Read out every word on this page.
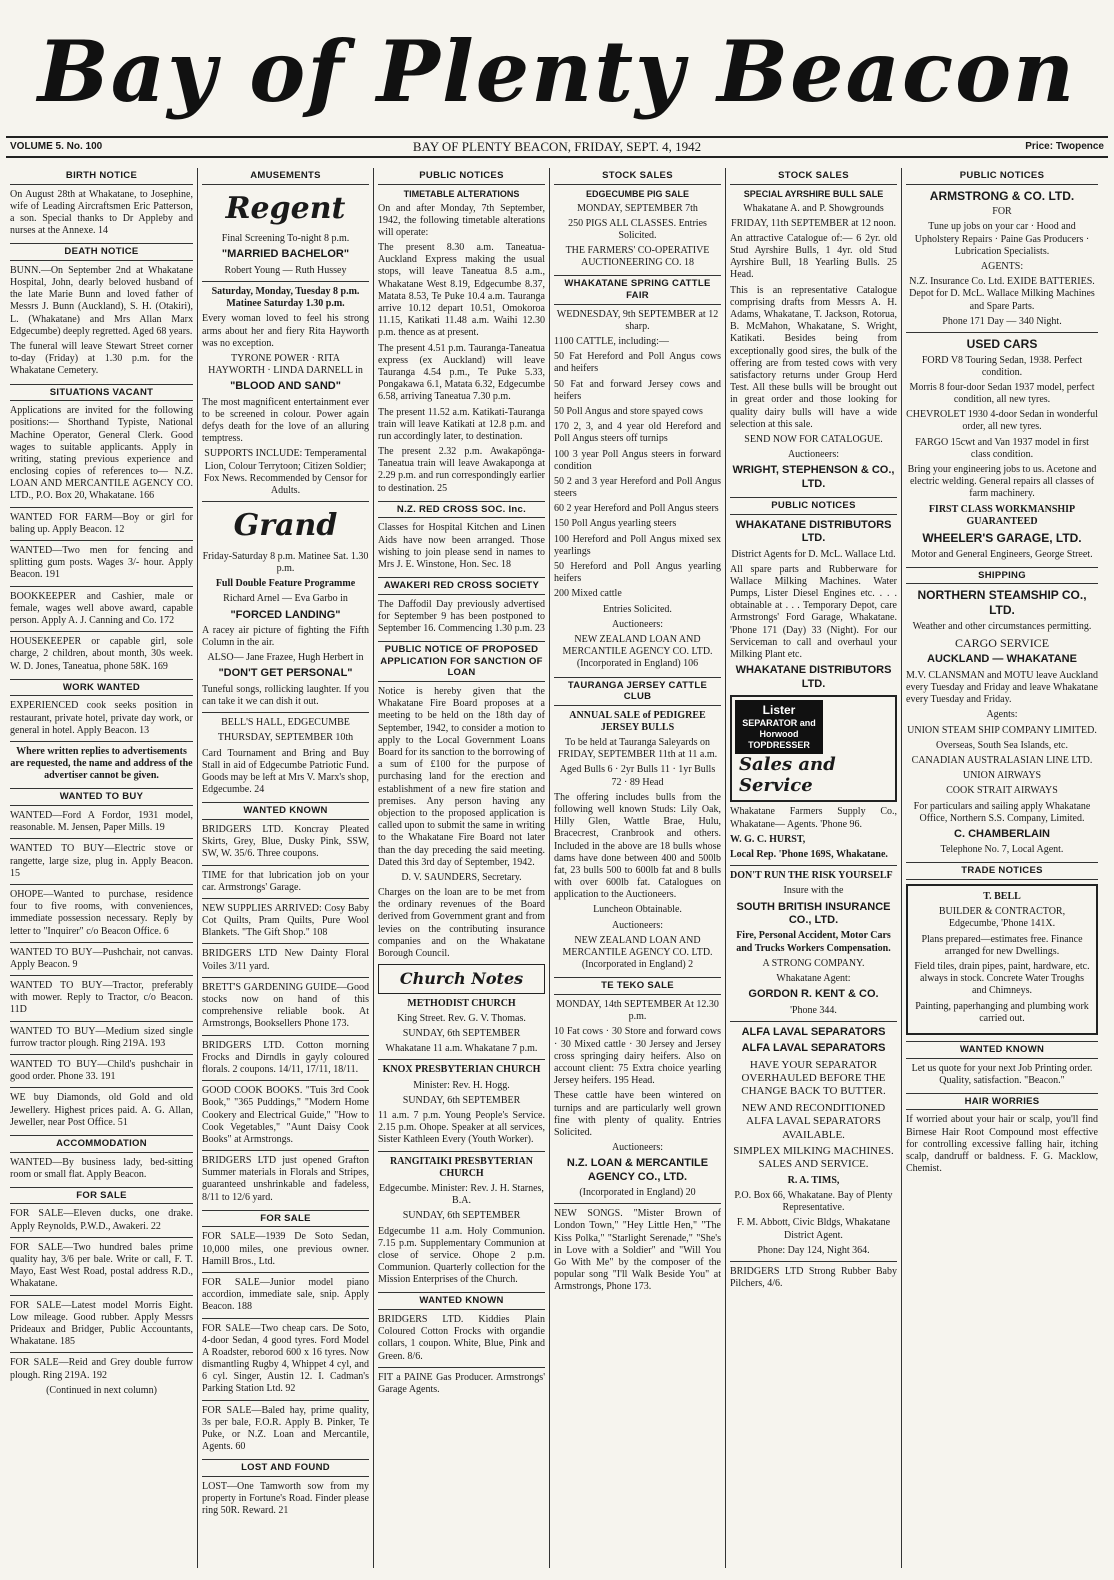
Bay of Plenty Beacon
VOLUME 5. No. 100	BAY OF PLENTY BEACON, FRIDAY, SEPT. 4, 1942	Price: Twopence
BIRTH NOTICE

On August 28th at Whakatane, to Josephine, wife of Leading Aircraftsmen Eric Patterson, a son. Special thanks to Dr Appleby and nurses at the Annexe. 14

DEATH NOTICE

BUNN.—On September 2nd at Whakatane Hospital, John, dearly beloved husband of the late Marie Bunn and loved father of Messrs J. Bunn (Auckland), S. H. (Otakiri), L. (Whakatane) and Mrs Allan Marx Edgecumbe) deeply regretted. Aged 68 years.

The funeral will leave Stewart Street corner to-day (Friday) at 1.30 p.m. for the Whakatane Cemetery.

SITUATIONS VACANT

Applications are invited for the following positions:— Shorthand Typiste, National Machine Operator, General Clerk. Good wages to suitable applicants. Apply in writing, stating previous experience and enclosing copies of references to— N.Z. LOAN AND MERCANTILE AGENCY CO. LTD., P.O. Box 20, Whakatane. 166

WANTED FOR FARM—Boy or girl for baling up. Apply Beacon. 12

WANTED—Two men for fencing and splitting gum posts. Wages 3/- hour. Apply Beacon. 191

BOOKKEEPER and Cashier, male or female, wages well above award, capable person. Apply A. J. Canning and Co. 172

HOUSEKEEPER or capable girl, sole charge, 2 children, about month, 30s week. W. D. Jones, Taneatua, phone 58K. 169

WORK WANTED

EXPERIENCED cook seeks position in restaurant, private hotel, private day work, or general in hotel. Apply Beacon. 13

Where written replies to advertisements are requested, the name and address of the advertiser cannot be given.

WANTED TO BUY

WANTED—Ford A Fordor, 1931 model, reasonable. M. Jensen, Paper Mills. 19

WANTED TO BUY—Electric stove or rangette, large size, plug in. Apply Beacon. 15

OHOPE—Wanted to purchase, residence four to five rooms, with conveniences, immediate possession necessary. Reply by letter to "Inquirer" c/o Beacon Office. 6

WANTED TO BUY—Pushchair, not canvas. Apply Beacon. 9

WANTED TO BUY—Tractor, preferably with mower. Reply to Tractor, c/o Beacon. 11D

WANTED TO BUY—Medium sized single furrow tractor plough. Ring 219A. 193

WANTED TO BUY—Child's pushchair in good order. Phone 33. 191

WE buy Diamonds, old Gold and old Jewellery. Highest prices paid. A. G. Allan, Jeweller, near Post Office. 51

ACCOMMODATION

WANTED—By business lady, bed-sitting room or small flat. Apply Beacon.

FOR SALE

FOR SALE—Eleven ducks, one drake. Apply Reynolds, P.W.D., Awakeri. 22

FOR SALE—Two hundred bales prime quality hay, 3/6 per bale. Write or call, F. T. Mayo, East West Road, postal address R.D., Whakatane.

FOR SALE—Latest model Morris Eight. Low mileage. Good rubber. Apply Messrs Prideaux and Bridger, Public Accountants, Whakatane. 185

FOR SALE—Reid and Grey double furrow plough. Ring 219A. 192

(Continued in next column)

AMUSEMENTS
Regent

Final Screening To-night 8 p.m.

"MARRIED BACHELOR"

Robert Young — Ruth Hussey

Saturday, Monday, Tuesday 8 p.m. Matinee Saturday 1.30 p.m.

Every woman loved to feel his strong arms about her and fiery Rita Hayworth was no exception.

TYRONE POWER · RITA HAYWORTH · LINDA DARNELL in

"BLOOD AND SAND"

The most magnificent entertainment ever to be screened in colour. Power again defys death for the love of an alluring temptress.

SUPPORTS INCLUDE: Temperamental Lion, Colour Terrytoon; Citizen Soldier; Fox News. Recommended by Censor for Adults.

Grand

Friday-Saturday 8 p.m. Matinee Sat. 1.30 p.m.

Full Double Feature Programme

Richard Arnel — Eva Garbo in

"FORCED LANDING"

A racey air picture of fighting the Fifth Column in the air.

ALSO— Jane Frazee, Hugh Herbert in

"DON'T GET PERSONAL"

Tuneful songs, rollicking laughter. If you can take it we can dish it out.

BELL'S HALL, EDGECUMBE

THURSDAY, SEPTEMBER 10th

Card Tournament and Bring and Buy Stall in aid of Edgecumbe Patriotic Fund. Goods may be left at Mrs V. Marx's shop, Edgecumbe. 24

WANTED KNOWN

BRIDGERS LTD. Koncray Pleated Skirts, Grey, Blue, Dusky Pink, SSW, SW, W. 35/6. Three coupons.

TIME for that lubrication job on your car. Armstrongs' Garage.

NEW SUPPLIES ARRIVED: Cosy Baby Cot Quilts, Pram Quilts, Pure Wool Blankets. "The Gift Shop." 108

BRIDGERS LTD New Dainty Floral Voiles 3/11 yard.

BRETT'S GARDENING GUIDE—Good stocks now on hand of this comprehensive reliable book. At Armstrongs, Booksellers Phone 173.

BRIDGERS LTD. Cotton morning Frocks and Dirndls in gayly coloured florals. 2 coupons. 14/11, 17/11, 18/11.

GOOD COOK BOOKS. "Tuis 3rd Cook Book," "365 Puddings," "Modern Home Cookery and Electrical Guide," "How to Cook Vegetables," "Aunt Daisy Cook Books" at Armstrongs.

BRIDGERS LTD just opened Grafton Summer materials in Florals and Stripes, guaranteed unshrinkable and fadeless, 8/11 to 12/6 yard.

FOR SALE

FOR SALE—1939 De Soto Sedan, 10,000 miles, one previous owner. Hamill Bros., Ltd.

FOR SALE—Junior model piano accordion, immediate sale, snip. Apply Beacon. 188

FOR SALE—Two cheap cars. De Soto, 4-door Sedan, 4 good tyres. Ford Model A Roadster, reborod 600 x 16 tyres. Now dismantling Rugby 4, Whippet 4 cyl, and 6 cyl. Singer, Austin 12. I. Cadman's Parking Station Ltd. 92

FOR SALE—Baled hay, prime quality, 3s per bale, F.O.R. Apply B. Pinker, Te Puke, or N.Z. Loan and Mercantile, Agents. 60

LOST AND FOUND

LOST—One Tamworth sow from my property in Fortune's Road. Finder please ring 50R. Reward. 21

PUBLIC NOTICES
TIMETABLE ALTERATIONS

On and after Monday, 7th September, 1942, the following timetable alterations will operate:

The present 8.30 a.m. Taneatua-Auckland Express making the usual stops, will leave Taneatua 8.5 a.m., Whakatane West 8.19, Edgecumbe 8.37, Matata 8.53, Te Puke 10.4 a.m. Tauranga arrive 10.12 depart 10.51, Omokoroa 11.15, Katikati 11.48 a.m. Waihi 12.30 p.m. thence as at present.

The present 4.51 p.m. Tauranga-Taneatua express (ex Auckland) will leave Tauranga 4.54 p.m., Te Puke 5.33, Pongakawa 6.1, Matata 6.32, Edgecumbe 6.58, arriving Taneatua 7.30 p.m.

The present 11.52 a.m. Katikati-Tauranga train will leave Katikati at 12.8 p.m. and run accordingly later, to destination.

The present 2.32 p.m. Awakapönga-Taneatua train will leave Awakaponga at 2.29 p.m. and run correspondingly earlier to destination. 25

N.Z. RED CROSS SOC. Inc.

Classes for Hospital Kitchen and Linen Aids have now been arranged. Those wishing to join please send in names to Mrs J. E. Winstone, Hon. Sec. 18

AWAKERI RED CROSS SOCIETY

The Daffodil Day previously advertised for September 9 has been postponed to September 16. Commencing 1.30 p.m. 23

PUBLIC NOTICE OF PROPOSED APPLICATION FOR SANCTION OF LOAN

Notice is hereby given that the Whakatane Fire Board proposes at a meeting to be held on the 18th day of September, 1942, to consider a motion to apply to the Local Government Loans Board for its sanction to the borrowing of a sum of £100 for the purpose of purchasing land for the erection and establishment of a new fire station and premises. Any person having any objection to the proposed application is called upon to submit the same in writing to the Whakatane Fire Board not later than the day preceding the said meeting. Dated this 3rd day of September, 1942.

D. V. SAUNDERS, Secretary.

Charges on the loan are to be met from the ordinary revenues of the Board derived from Government grant and from levies on the contributing insurance companies and on the Whakatane Borough Council.

Church Notes

METHODIST CHURCH

King Street. Rev. G. V. Thomas.

SUNDAY, 6th SEPTEMBER

Whakatane 11 a.m. Whakatane 7 p.m.

KNOX PRESBYTERIAN CHURCH

Minister: Rev. H. Hogg.

SUNDAY, 6th SEPTEMBER

11 a.m. 7 p.m. Young People's Service. 2.15 p.m. Ohope. Speaker at all services, Sister Kathleen Every (Youth Worker).

RANGITAIKI PRESBYTERIAN CHURCH

Edgecumbe. Minister: Rev. J. H. Starnes, B.A.

SUNDAY, 6th SEPTEMBER

Edgecumbe 11 a.m. Holy Communion. 7.15 p.m. Supplementary Communion at close of service. Ohope 2 p.m. Communion. Quarterly collection for the Mission Enterprises of the Church.

WANTED KNOWN

BRIDGERS LTD. Kiddies Plain Coloured Cotton Frocks with organdie collars, 1 coupon. White, Blue, Pink and Green. 8/6.

FIT a PAINE Gas Producer. Armstrongs' Garage Agents.

STOCK SALES
EDGECUMBE PIG SALE

MONDAY, SEPTEMBER 7th

250 PIGS ALL CLASSES. Entries Solicited.

THE FARMERS' CO-OPERATIVE AUCTIONEERING CO. 18

WHAKATANE SPRING CATTLE FAIR

WEDNESDAY, 9th SEPTEMBER at 12 sharp.

1100 CATTLE, including:—

50 Fat Hereford and Poll Angus cows and heifers

50 Fat and forward Jersey cows and heifers

50 Poll Angus and store spayed cows

170 2, 3, and 4 year old Hereford and Poll Angus steers off turnips

100 3 year Poll Angus steers in forward condition

50 2 and 3 year Hereford and Poll Angus steers

60 2 year Hereford and Poll Angus steers

150 Poll Angus yearling steers

100 Hereford and Poll Angus mixed sex yearlings

50 Hereford and Poll Angus yearling heifers

200 Mixed cattle

Entries Solicited.

Auctioneers:

NEW ZEALAND LOAN AND MERCANTILE AGENCY CO. LTD. (Incorporated in England) 106

TAURANGA JERSEY CATTLE CLUB

ANNUAL SALE of PEDIGREE JERSEY BULLS

To be held at Tauranga Saleyards on FRIDAY, SEPTEMBER 11th at 11 a.m.

Aged Bulls 6 · 2yr Bulls 11 · 1yr Bulls 72 · 89 Head

The offering includes bulls from the following well known Studs: Lily Oak, Hilly Glen, Wattle Brae, Hulu, Bracecrest, Cranbrook and others. Included in the above are 18 bulls whose dams have done between 400 and 500lb fat, 23 bulls 500 to 600lb fat and 8 bulls with over 600lb fat. Catalogues on application to the Auctioneers.

Luncheon Obtainable.

Auctioneers:

NEW ZEALAND LOAN AND MERCANTILE AGENCY CO. LTD. (Incorporated in England) 2

TE TEKO SALE

MONDAY, 14th SEPTEMBER At 12.30 p.m.

10 Fat cows · 30 Store and forward cows · 30 Mixed cattle · 30 Jersey and Jersey cross springing dairy heifers. Also on account client: 75 Extra choice yearling Jersey heifers. 195 Head.

These cattle have been wintered on turnips and are particularly well grown fine with plenty of quality. Entries Solicited.

Auctioneers:

N.Z. LOAN & MERCANTILE AGENCY CO., LTD.

(Incorporated in England) 20

NEW SONGS. "Mister Brown of London Town," "Hey Little Hen," "The Kiss Polka," "Starlight Serenade," "She's in Love with a Soldier" and "Will You Go With Me" by the composer of the popular song "I'll Walk Beside You" at Armstrongs, Phone 173.

STOCK SALES
SPECIAL AYRSHIRE BULL SALE

Whakatane A. and P. Showgrounds

FRIDAY, 11th SEPTEMBER at 12 noon.

An attractive Catalogue of:— 6 2yr. old Stud Ayrshire Bulls, 1 4yr. old Stud Ayrshire Bull, 18 Yearling Bulls. 25 Head.

This is an representative Catalogue comprising drafts from Messrs A. H. Adams, Whakatane, T. Jackson, Rotorua, B. McMahon, Whakatane, S. Wright, Katikati. Besides being from exceptionally good sires, the bulk of the offering are from tested cows with very satisfactory returns under Group Herd Test. All these bulls will be brought out in great order and those looking for quality dairy bulls will have a wide selection at this sale.

SEND NOW FOR CATALOGUE.

Auctioneers:

WRIGHT, STEPHENSON & CO., LTD.
PUBLIC NOTICES
WHAKATANE DISTRIBUTORS LTD.

District Agents for D. McL. Wallace Ltd.

All spare parts and Rubberware for Wallace Milking Machines. Water Pumps, Lister Diesel Engines etc. . . . obtainable at . . . Temporary Depot, care Armstrongs' Ford Garage, Whakatane. 'Phone 171 (Day) 33 (Night). For our Serviceman to call and overhaul your Milking Plant etc.

WHAKATANE DISTRIBUTORS LTD.
Lister
SEPARATOR and Horwood TOPDRESSER
Sales and Service

Whakatane Farmers Supply Co., Whakatane— Agents. 'Phone 96.

W. G. C. HURST,

Local Rep. 'Phone 169S, Whakatane.

DON'T RUN THE RISK YOURSELF

Insure with the

SOUTH BRITISH INSURANCE CO., LTD.

Fire, Personal Accident, Motor Cars and Trucks Workers Compensation.

A STRONG COMPANY.

Whakatane Agent:

GORDON R. KENT & CO.

'Phone 344.

ALFA LAVAL SEPARATORS
ALFA LAVAL SEPARATORS

HAVE YOUR SEPARATOR OVERHAULED BEFORE THE CHANGE BACK TO BUTTER.

NEW AND RECONDITIONED ALFA LAVAL SEPARATORS AVAILABLE.

SIMPLEX MILKING MACHINES. SALES AND SERVICE.

R. A. TIMS,

P.O. Box 66, Whakatane. Bay of Plenty Representative.

F. M. Abbott, Civic Bldgs, Whakatane District Agent.

Phone: Day 124, Night 364.

BRIDGERS LTD Strong Rubber Baby Pilchers, 4/6.

PUBLIC NOTICES
ARMSTRONG & CO. LTD.

FOR

Tune up jobs on your car · Hood and Upholstery Repairs · Paine Gas Producers · Lubrication Specialists.

AGENTS:

N.Z. Insurance Co. Ltd. EXIDE BATTERIES. Depot for D. McL. Wallace Milking Machines and Spare Parts.

Phone 171 Day — 340 Night.

USED CARS

FORD V8 Touring Sedan, 1938. Perfect condition.

Morris 8 four-door Sedan 1937 model, perfect condition, all new tyres.

CHEVROLET 1930 4-door Sedan in wonderful order, all new tyres.

FARGO 15cwt and Van 1937 model in first class condition.

Bring your engineering jobs to us. Acetone and electric welding. General repairs all classes of farm machinery.

FIRST CLASS WORKMANSHIP GUARANTEED

WHEELER'S GARAGE, LTD.

Motor and General Engineers, George Street.

SHIPPING
NORTHERN STEAMSHIP CO., LTD.

Weather and other circumstances permitting.

CARGO SERVICE

AUCKLAND — WHAKATANE

M.V. CLANSMAN and MOTU leave Auckland every Tuesday and Friday and leave Whakatane every Tuesday and Friday.

Agents:

UNION STEAM SHIP COMPANY LIMITED.

Overseas, South Sea Islands, etc.

CANADIAN AUSTRALASIAN LINE LTD.

UNION AIRWAYS

COOK STRAIT AIRWAYS

For particulars and sailing apply Whakatane Office, Northern S.S. Company, Limited.

C. CHAMBERLAIN

Telephone No. 7, Local Agent.

TRADE NOTICES

T. BELL

BUILDER & CONTRACTOR, Edgecumbe, 'Phone 141X.

Plans prepared—estimates free. Finance arranged for new Dwellings.

Field tiles, drain pipes, paint, hardware, etc. always in stock. Concrete Water Troughs and Chimneys.

Painting, paperhanging and plumbing work carried out.

WANTED KNOWN

Let us quote for your next Job Printing order. Quality, satisfaction. "Beacon."

HAIR WORRIES

If worried about your hair or scalp, you'll find Birnese Hair Root Compound most effective for controlling excessive falling hair, itching scalp, dandruff or baldness. F. G. Macklow, Chemist.
